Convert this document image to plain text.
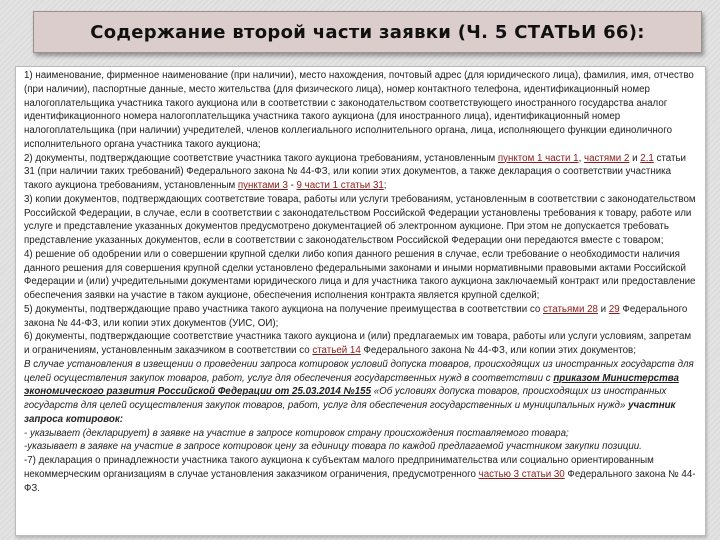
Содержание второй части заявки (Ч. 5 СТАТЬИ 66):

1) наименование, фирменное наименование (при наличии), место нахождения, почтовый адрес (для юридического лица), фамилия, имя, отчество (при наличии), паспортные данные, место жительства (для физического лица), номер контактного телефона, идентификационный номер налогоплательщика участника такого аукциона или в соответствии с законодательством соответствующего иностранного государства аналог идентификационного номера налогоплательщика участника такого аукциона (для иностранного лица), идентификационный номер налогоплательщика (при наличии) учредителей, членов коллегиального исполнительного органа, лица, исполняющего функции единоличного исполнительного органа участника такого аукциона;

2) документы, подтверждающие соответствие участника такого аукциона требованиям, установленным пунктом 1 части 1, частями 2 и 2.1 статьи 31 (при наличии таких требований) Федерального закона № 44-ФЗ, или копии этих документов, а также декларация о соответствии участника такого аукциона требованиям, установленным пунктами 3 - 9 части 1 статьи 31;

3) копии документов, подтверждающих соответствие товара, работы или услуги требованиям, установленным в соответствии с законодательством Российской Федерации, в случае, если в соответствии с законодательством Российской Федерации установлены требования к товару, работе или услуге и представление указанных документов предусмотрено документацией об электронном аукционе. При этом не допускается требовать представление указанных документов, если в соответствии с законодательством Российской Федерации они передаются вместе с товаром;

4) решение об одобрении или о совершении крупной сделки либо копия данного решения в случае, если требование о необходимости наличия данного решения для совершения крупной сделки установлено федеральными законами и иными нормативными правовыми актами Российской Федерации и (или) учредительными документами юридического лица и для участника такого аукциона заключаемый контракт или предоставление обеспечения заявки на участие в таком аукционе, обеспечения исполнения контракта является крупной сделкой;

5) документы, подтверждающие право участника такого аукциона на получение преимущества в соответствии со статьями 28 и 29 Федерального закона № 44-ФЗ, или копии этих документов (УИС, ОИ);

6) документы, подтверждающие соответствие участника такого аукциона и (или) предлагаемых им товара, работы или услуги условиям, запретам и ограничениям, установленным заказчиком в соответствии со статьей 14 Федерального закона № 44-ФЗ, или копии этих документов;

В случае установления в извещении о проведении запроса котировок условий допуска товаров, происходящих из иностранных государств для целей осуществления закупок товаров, работ, услуг для обеспечения государственных нужд в соответствии с приказом Министерства экономического развития Российской Федерации от 25.03.2014 №155 «Об условиях допуска товаров, происходящих из иностранных государств для целей осуществления закупок товаров, работ, услуг для обеспечения государственных и муниципальных нужд» участник запроса котировок:

- указывает (декларирует) в заявке на участие в запросе котировок страну происхождения поставляемого товара;

-указывает в заявке на участие в запросе котировок цену за единицу товара по каждой предлагаемой участником закупки позиции.

-7) декларация о принадлежности участника такого аукциона к субъектам малого предпринимательства или социально ориентированным некоммерческим организациям в случае установления заказчиком ограничения, предусмотренного частью 3 статьи 30 Федерального закона № 44-ФЗ.
